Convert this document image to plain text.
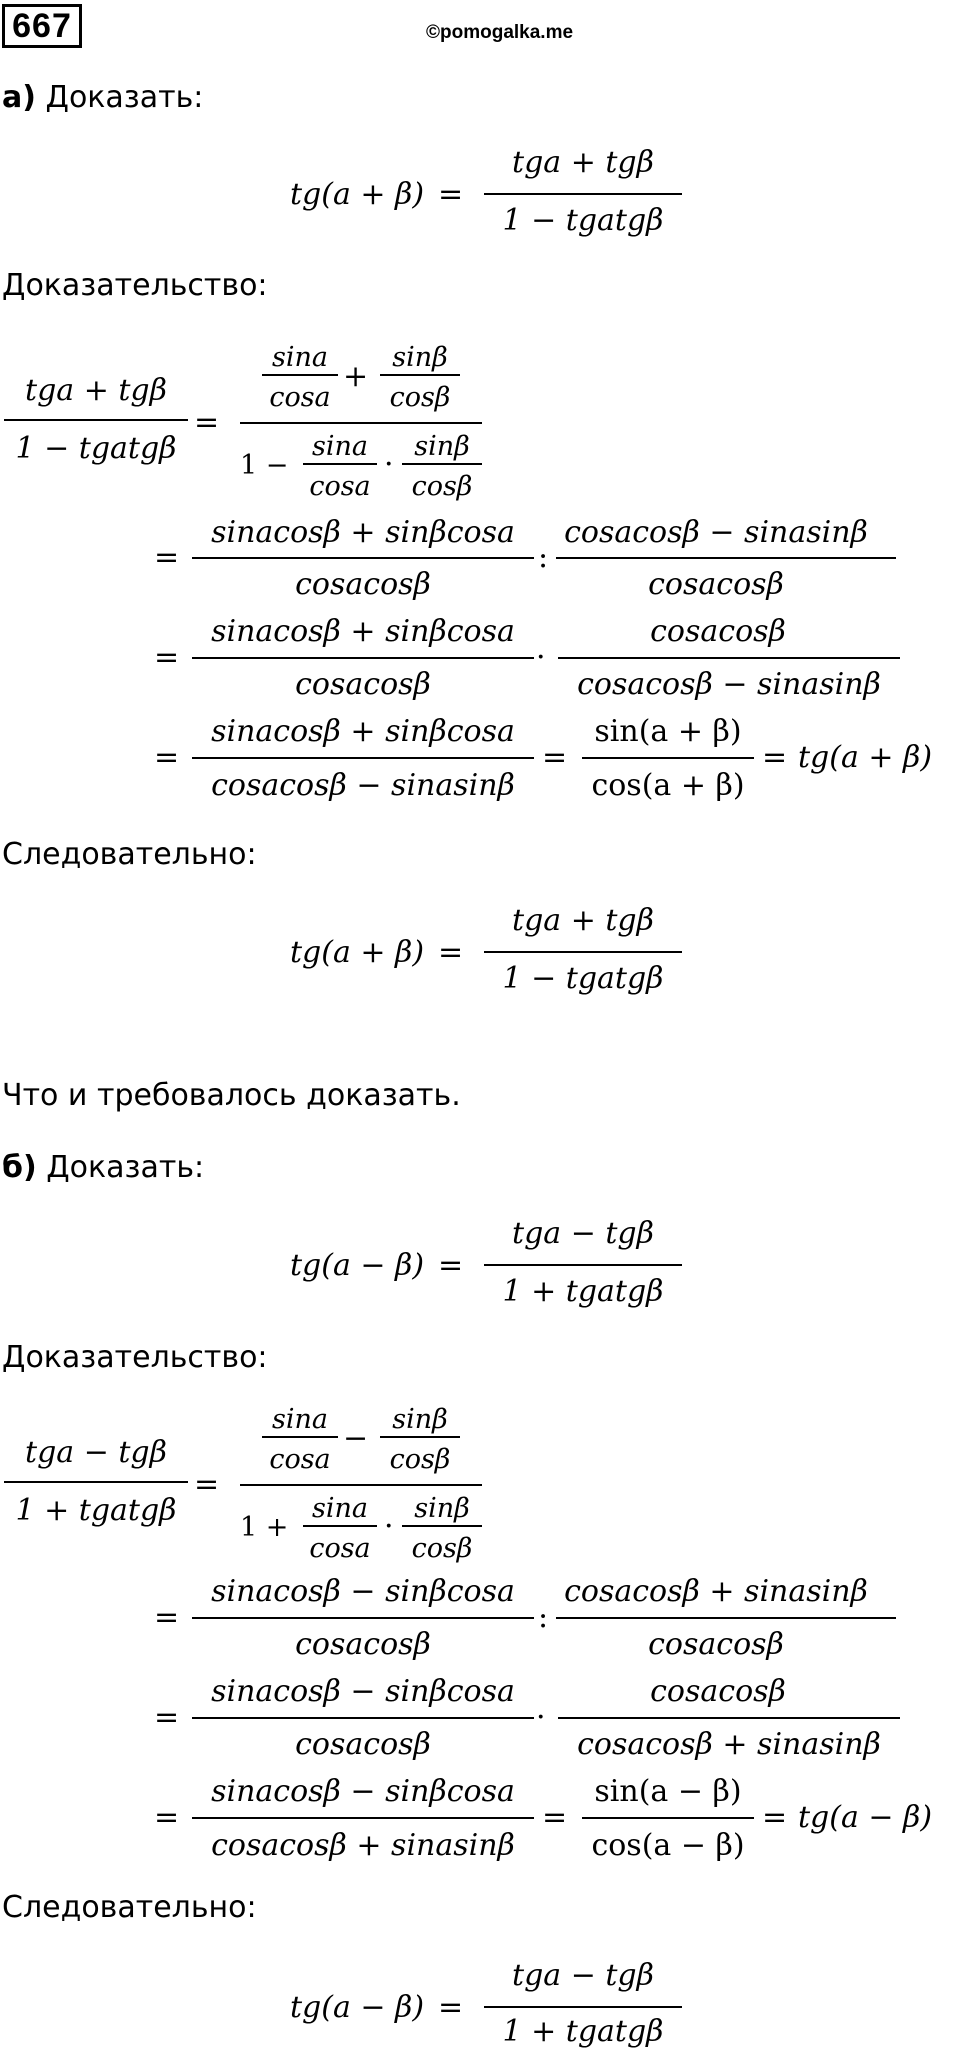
667	©pomogalka.me
а) Доказать:
tg(a + β) =
tga + tgβ
1 − tgatgβ
tga + tgβ
1 − tgatgβ
=
sina
cosa
+
sinβ
cosβ
1 −
sina
cosa
·
sinβ
cosβ
=
sinacosβ + sinβcosa
cosacosβ
:
cosacosβ − sinasinβ
cosacosβ
=
sinacosβ + sinβcosa
cosacosβ
·
cosacosβ
cosacosβ − sinasinβ
=
sinacosβ + sinβcosa
cosacosβ − sinasinβ
=
sin(a + β)
cos(a + β)
= tg(a + β)
tg(a + β) =
tga + tgβ
1 − tgatgβ
tg(a − β) =
tga − tgβ
1 + tgatgβ
tga − tgβ
1 + tgatgβ
=
sina
cosa
−
sinβ
cosβ
1 +
sina
cosa
·
sinβ
cosβ
=
sinacosβ − sinβcosa
cosacosβ
:
cosacosβ + sinasinβ
cosacosβ
=
sinacosβ − sinβcosa
cosacosβ
·
cosacosβ
cosacosβ + sinasinβ
=
sinacosβ − sinβcosa
cosacosβ + sinasinβ
=
sin(a − β)
cos(a − β)
= tg(a − β)
tg(a − β) =
tga − tgβ
1 + tgatgβ
Доказательство:
Следовательно:
Что и требовалось доказать.
б) Доказать:
Доказательство:
Следовательно:
